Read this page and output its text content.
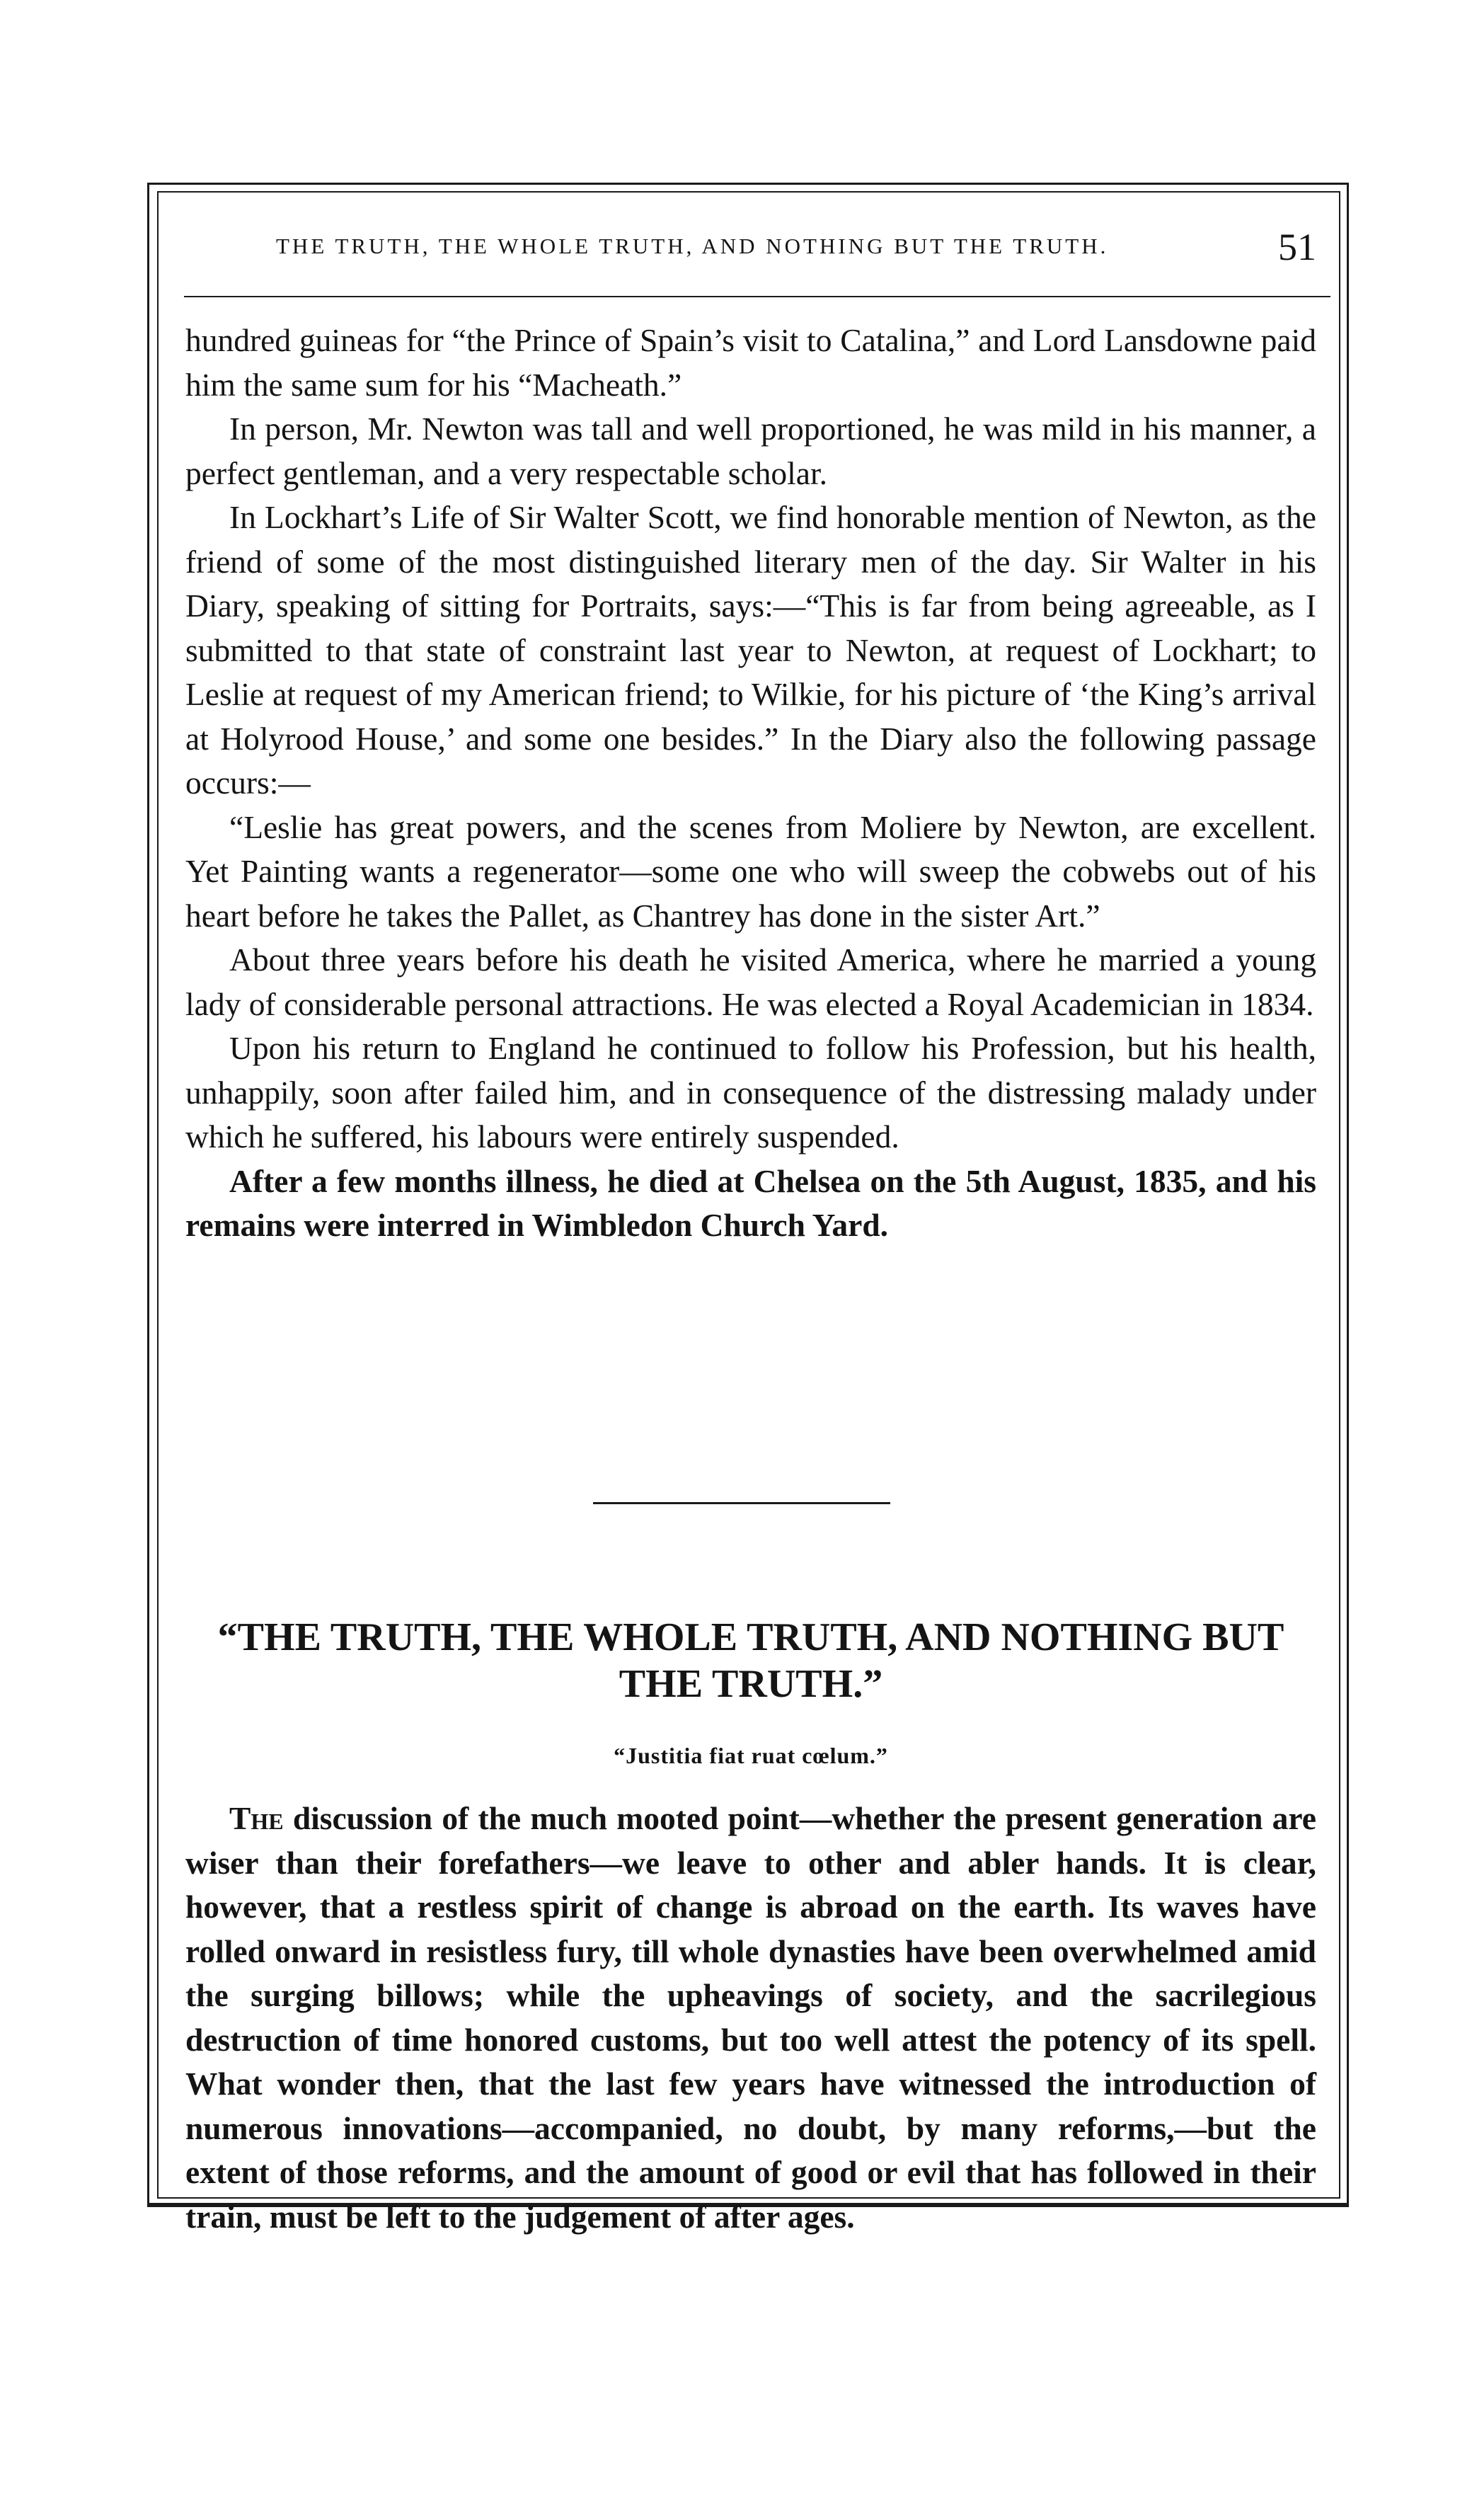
THE TRUTH, THE WHOLE TRUTH, AND NOTHING BUT THE TRUTH.	51

hundred guineas for “the Prince of Spain’s visit to Catalina,” and Lord Lansdowne paid him the same sum for his “Macheath.”

In person, Mr. Newton was tall and well proportioned, he was mild in his manner, a perfect gentleman, and a very respectable scholar.

In Lockhart’s Life of Sir Walter Scott, we find honorable mention of Newton, as the friend of some of the most distinguished literary men of the day. Sir Walter in his Diary, speaking of sitting for Portraits, says:—“This is far from being agreeable, as I submitted to that state of constraint last year to Newton, at request of Lockhart; to Leslie at request of my American friend; to Wilkie, for his picture of ‘the King’s arrival at Holyrood House,’ and some one besides.” In the Diary also the following passage occurs:—

“Leslie has great powers, and the scenes from Moliere by Newton, are excellent. Yet Painting wants a regenerator—some one who will sweep the cobwebs out of his heart before he takes the Pallet, as Chantrey has done in the sister Art.”

About three years before his death he visited America, where he married a young lady of considerable personal attractions. He was elected a Royal Academician in 1834.

Upon his return to England he continued to follow his Profession, but his health, unhappily, soon after failed him, and in consequence of the distressing malady under which he suffered, his labours were entirely suspended.

After a few months illness, he died at Chelsea on the 5th August, 1835, and his remains were interred in Wimbledon Church Yard.

“THE TRUTH, THE WHOLE TRUTH, AND NOTHING BUT THE TRUTH.”
“Justitia fiat ruat cœlum.”

The discussion of the much mooted point—whether the present generation are wiser than their forefathers—we leave to other and abler hands. It is clear, however, that a restless spirit of change is abroad on the earth. Its waves have rolled onward in resistless fury, till whole dynasties have been overwhelmed amid the surging billows; while the upheavings of society, and the sacrilegious destruction of time honored customs, but too well attest the potency of its spell. What wonder then, that the last few years have witnessed the introduction of numerous innovations—accompanied, no doubt, by many reforms,—but the extent of those reforms, and the amount of good or evil that has followed in their train, must be left to the judgement of after ages.
